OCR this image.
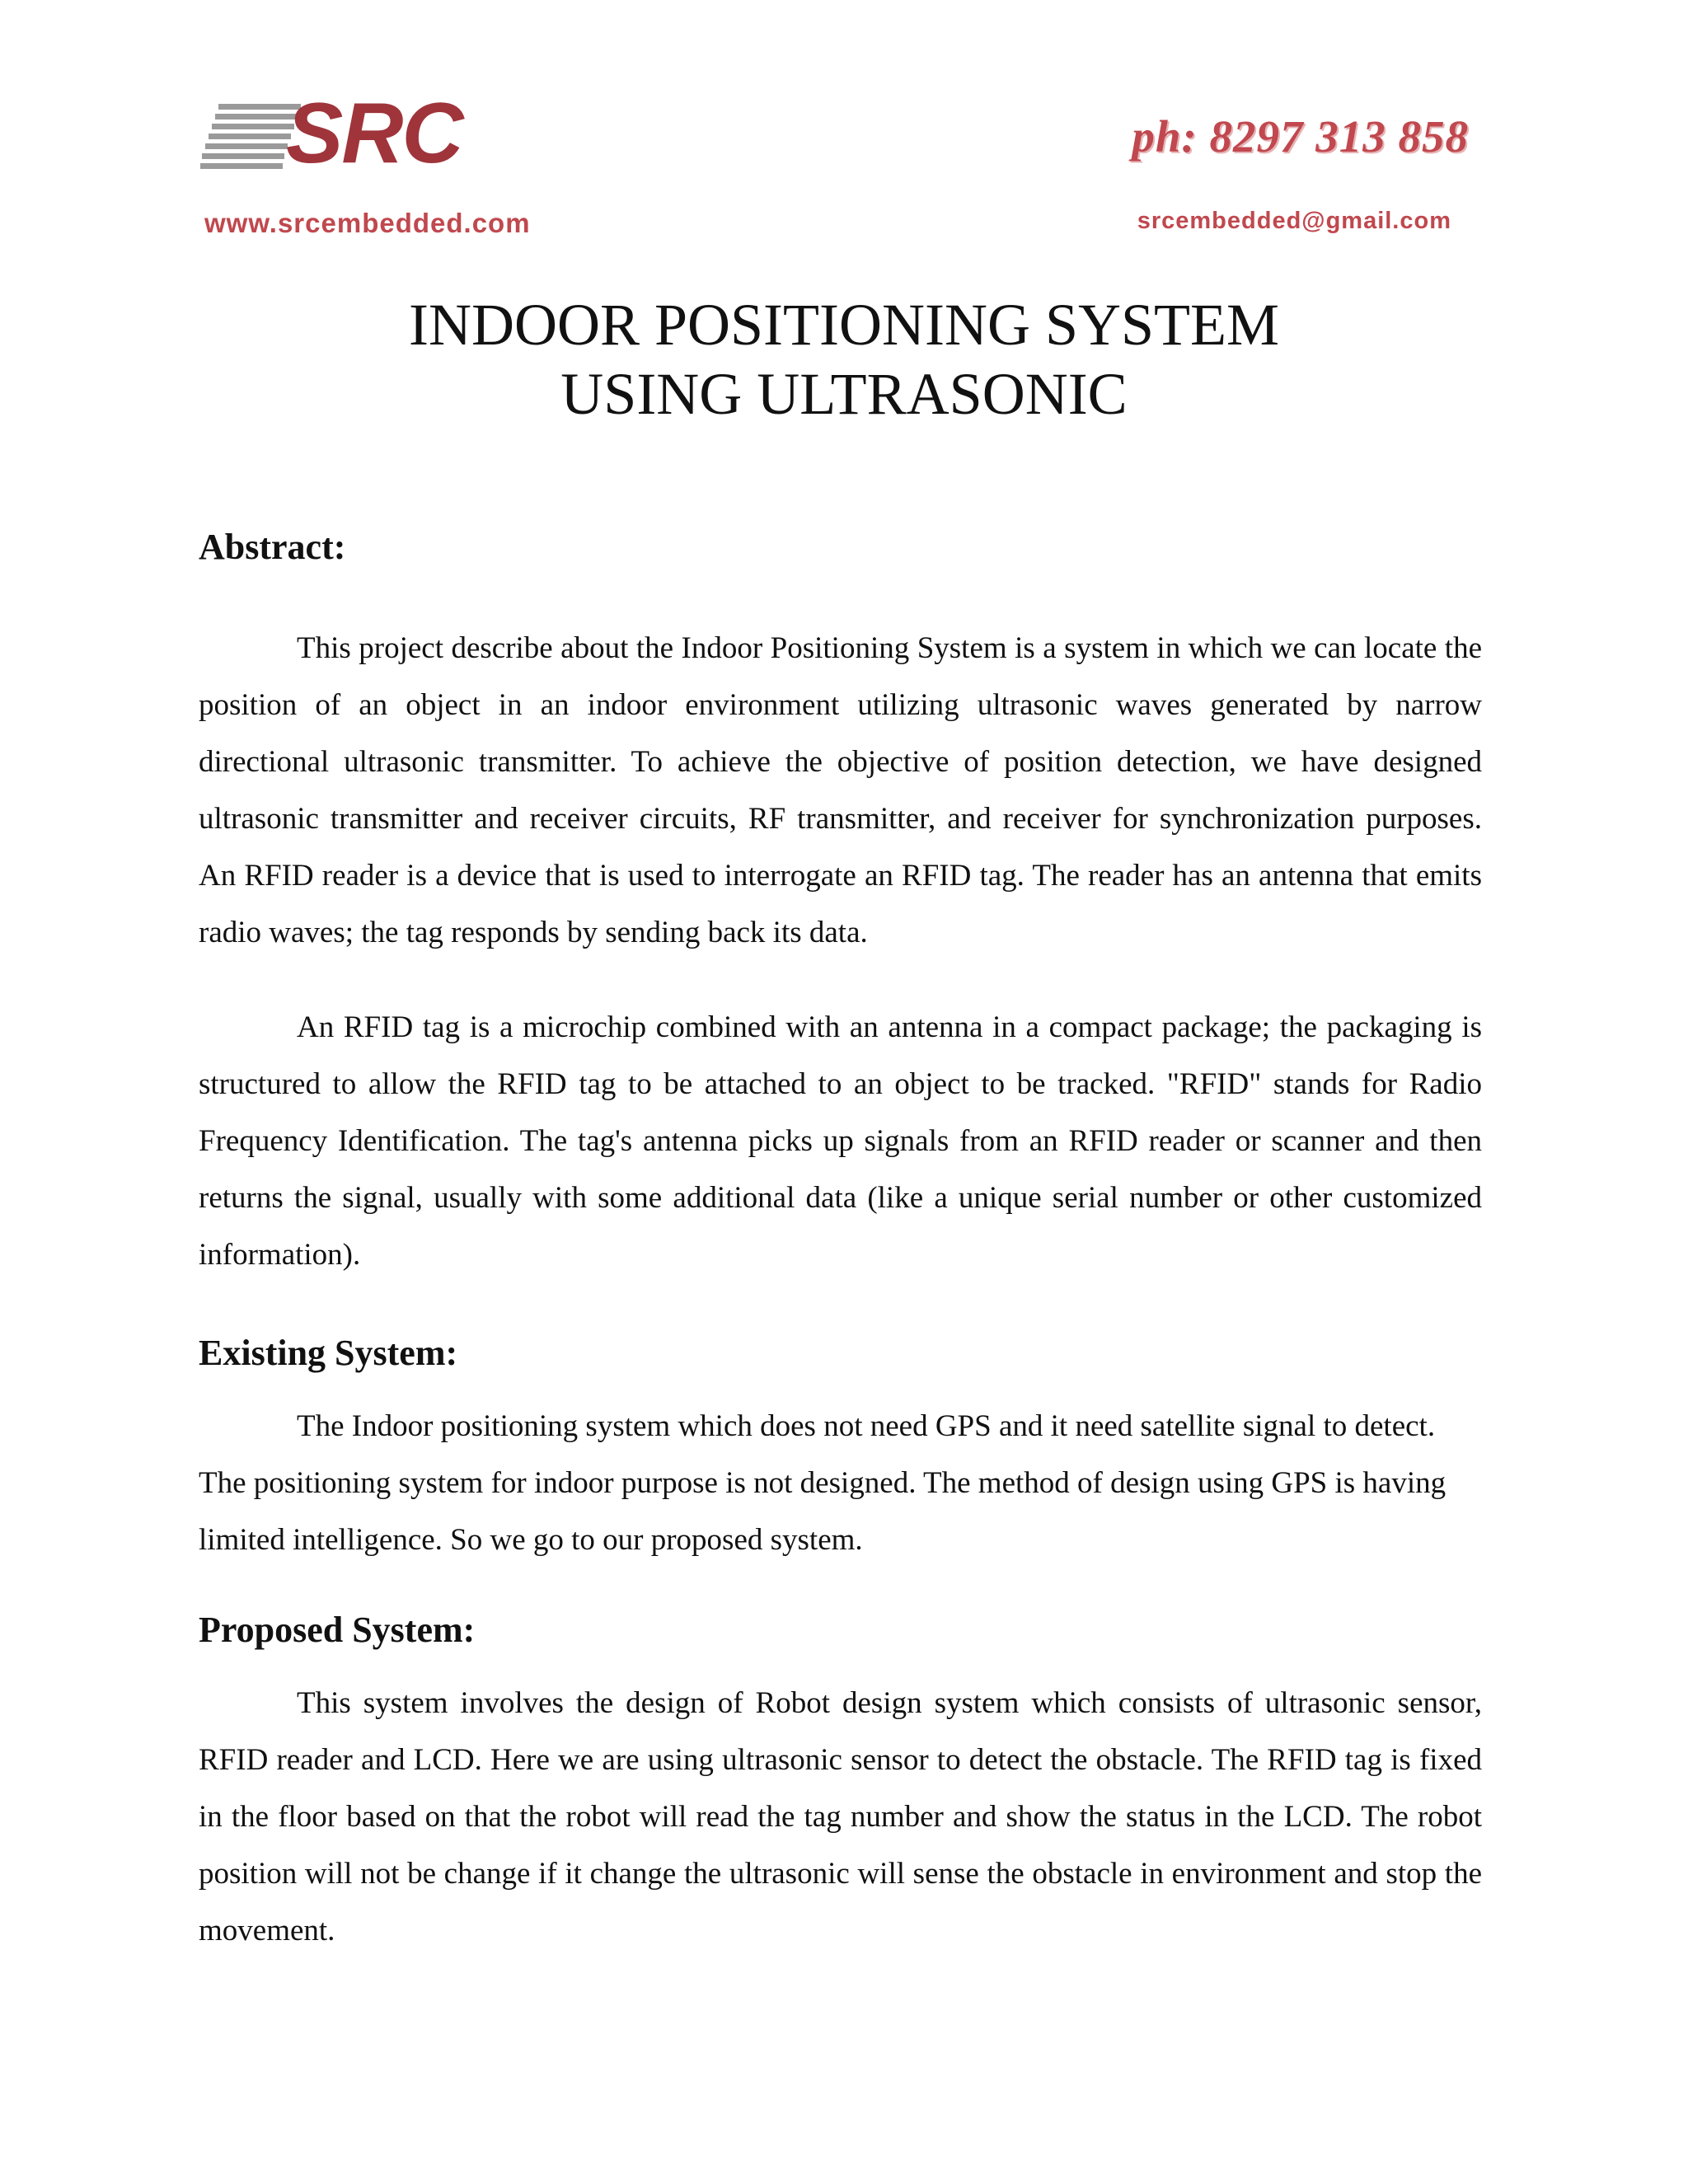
SRC
www.srcembedded.com
ph: 8297 313 858
srcembedded@gmail.com
INDOOR POSITIONING SYSTEM
USING ULTRASONIC
Abstract:

This project describe about the Indoor Positioning System is a system in which we can locate the position of an object in an indoor environment utilizing ultrasonic waves generated by narrow directional ultrasonic transmitter. To achieve the objective of position detection, we have designed ultrasonic transmitter and receiver circuits, RF transmitter, and receiver for synchronization purposes. An RFID reader is a device that is used to interrogate an RFID tag. The reader has an antenna that emits radio waves; the tag responds by sending back its data.

An RFID tag is a microchip combined with an antenna in a compact package; the packaging is structured to allow the RFID tag to be attached to an object to be tracked. "RFID" stands for Radio Frequency Identification. The tag's antenna picks up signals from an RFID reader or scanner and then returns the signal, usually with some additional data (like a unique serial number or other customized information).

Existing System:

The Indoor positioning system which does not need GPS and it need satellite signal to detect. The positioning system for indoor purpose is not designed. The method of design using GPS is having limited intelligence. So we go to our proposed system.

Proposed System:

This system involves the design of Robot design system which consists of ultrasonic sensor, RFID reader and LCD. Here we are using ultrasonic sensor to detect the obstacle. The RFID tag is fixed in the floor based on that the robot will read the tag number and show the status in the LCD. The robot position will not be change if it change the ultrasonic will sense the obstacle in environment and stop the movement.
